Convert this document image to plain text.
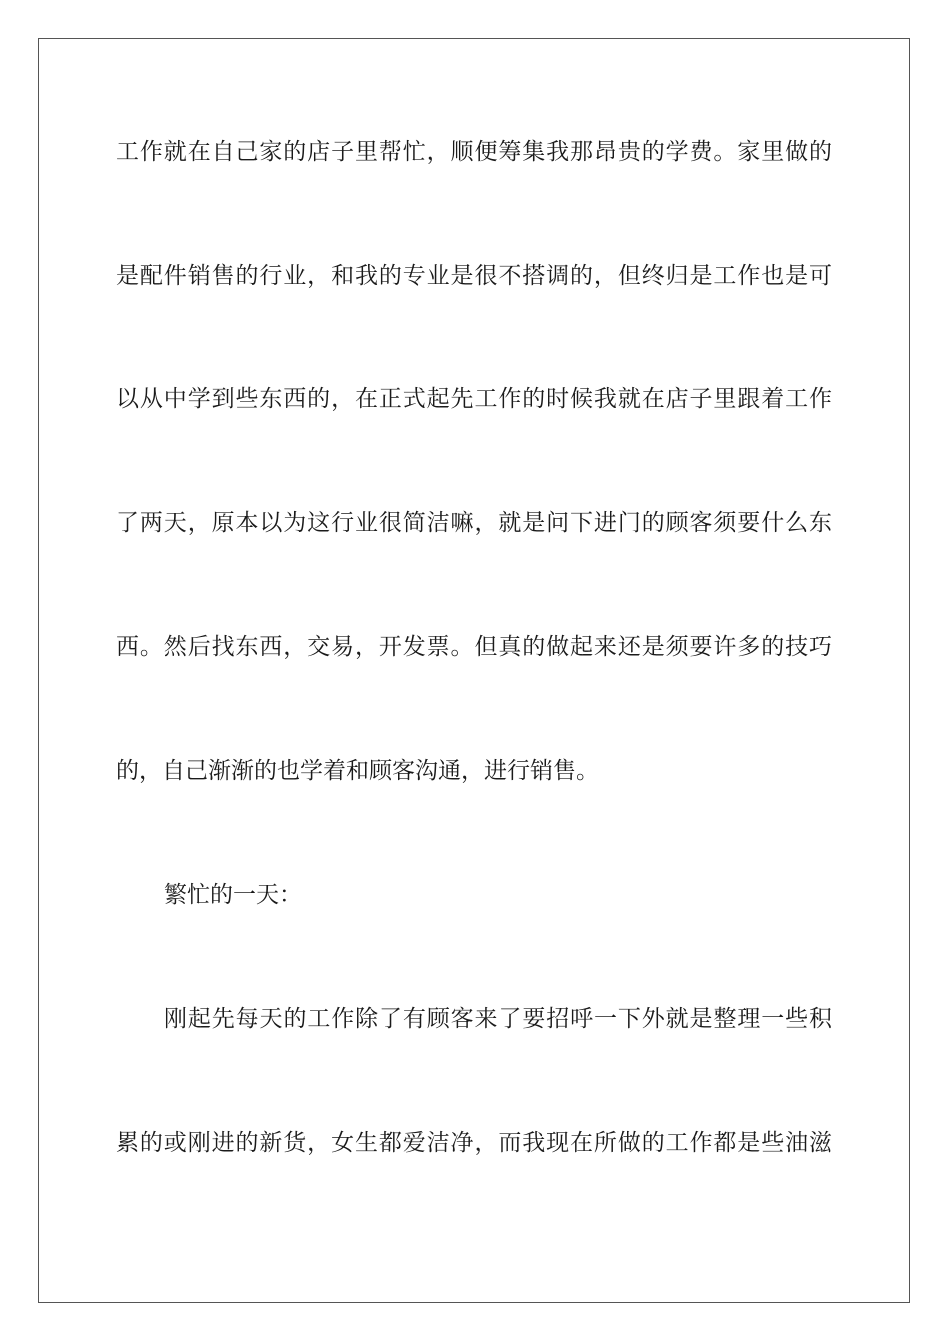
工作就在自己家的店子里帮忙，顺便筹集我那昂贵的学费。家里做的
是配件销售的行业，和我的专业是很不搭调的，但终归是工作也是可
以从中学到些东西的，在正式起先工作的时候我就在店子里跟着工作
了两天，原本以为这行业很简洁嘛，就是问下进门的顾客须要什么东
西。然后找东西，交易，开发票。但真的做起来还是须要许多的技巧
的，自己渐渐的也学着和顾客沟通，进行销售。
繁忙的一天：
刚起先每天的工作除了有顾客来了要招呼一下外就是整理一些积
累的或刚进的新货，女生都爱洁净，而我现在所做的工作都是些油滋
